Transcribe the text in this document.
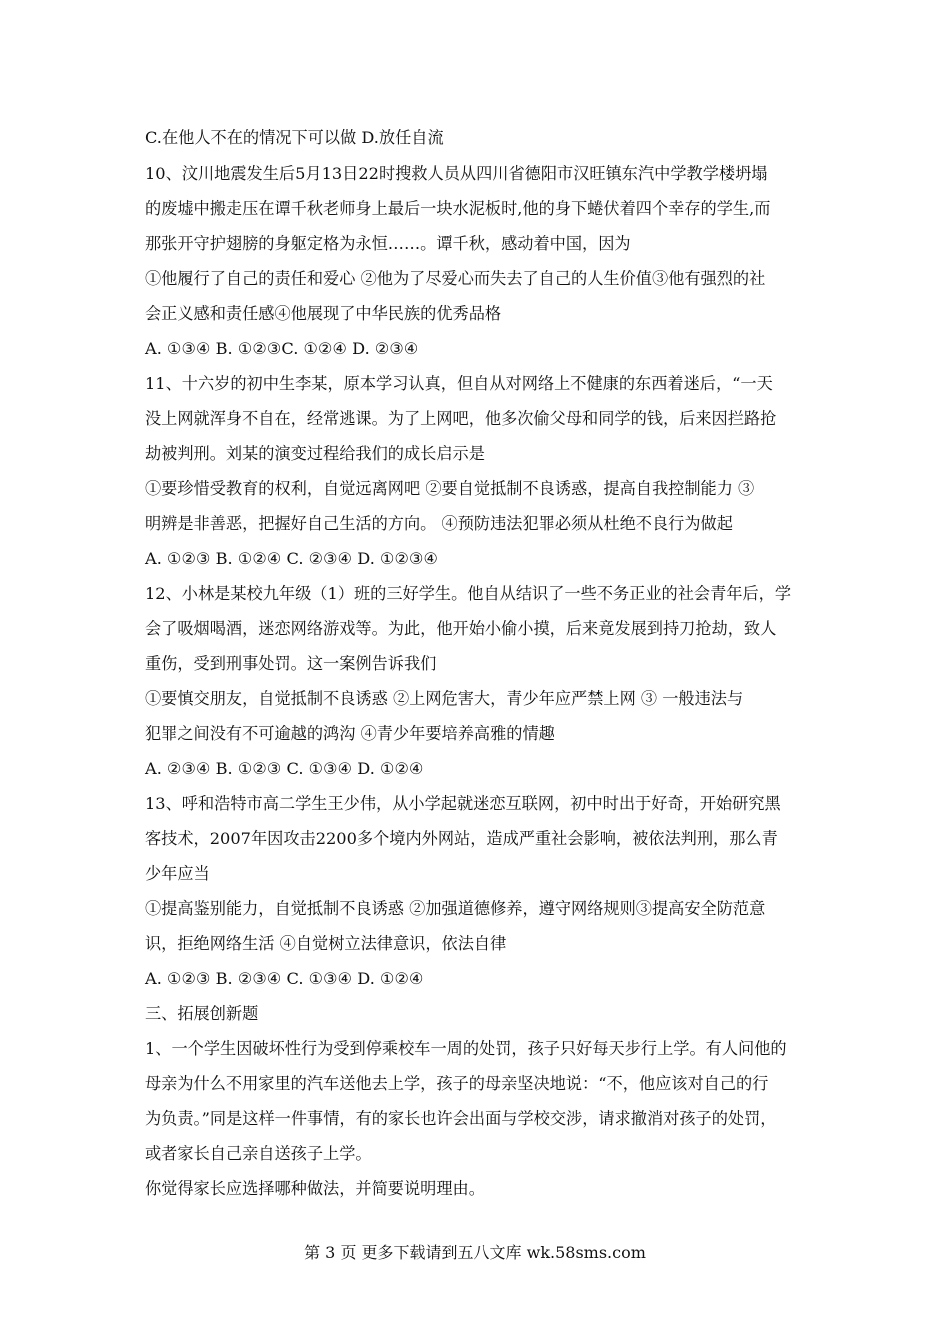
C.在他人不在的情况下可以做 D.放任自流
10、汶川地震发生后5月13日22时搜救人员从四川省德阳市汉旺镇东汽中学教学楼坍塌
的废墟中搬走压在谭千秋老师身上最后一块水泥板时,他的身下蜷伏着四个幸存的学生,而
那张开守护翅膀的身躯定格为永恒……。谭千秋，感动着中国，因为
①他履行了自己的责任和爱心 ②他为了尽爱心而失去了自己的人生价值③他有强烈的社
会正义感和责任感④他展现了中华民族的优秀品格
A. ①③④ B. ①②③C. ①②④ D. ②③④
11、十六岁的初中生李某，原本学习认真，但自从对网络上不健康的东西着迷后，“一天
没上网就浑身不自在，经常逃课。为了上网吧，他多次偷父母和同学的钱，后来因拦路抢
劫被判刑。刘某的演变过程给我们的成长启示是
①要珍惜受教育的权利，自觉远离网吧 ②要自觉抵制不良诱惑，提高自我控制能力 ③
明辨是非善恶，把握好自己生活的方向。 ④预防违法犯罪必须从杜绝不良行为做起
A. ①②③ B. ①②④ C. ②③④ D. ①②③④
12、小林是某校九年级（1）班的三好学生。他自从结识了一些不务正业的社会青年后，学
会了吸烟喝酒，迷恋网络游戏等。为此，他开始小偷小摸，后来竟发展到持刀抢劫，致人
重伤，受到刑事处罚。这一案例告诉我们
①要慎交朋友，自觉抵制不良诱惑 ②上网危害大，青少年应严禁上网 ③ 一般违法与
犯罪之间没有不可逾越的鸿沟 ④青少年要培养高雅的情趣
A. ②③④ B. ①②③ C. ①③④ D. ①②④
13、呼和浩特市高二学生王少伟，从小学起就迷恋互联网，初中时出于好奇，开始研究黑
客技术，2007年因攻击2200多个境内外网站，造成严重社会影响，被依法判刑，那么青
少年应当
①提高鉴别能力，自觉抵制不良诱惑 ②加强道德修养，遵守网络规则③提高安全防范意
识，拒绝网络生活 ④自觉树立法律意识，依法自律
A. ①②③ B. ②③④ C. ①③④ D. ①②④
三、拓展创新题
1、一个学生因破坏性行为受到停乘校车一周的处罚，孩子只好每天步行上学。有人问他的
母亲为什么不用家里的汽车送他去上学，孩子的母亲坚决地说：“不，他应该对自己的行
为负责。”同是这样一件事情，有的家长也许会出面与学校交涉，请求撤消对孩子的处罚，
或者家长自己亲自送孩子上学。
你觉得家长应选择哪种做法，并简要说明理由。
第 3 页 更多下载请到五八文库 wk.58sms.com
